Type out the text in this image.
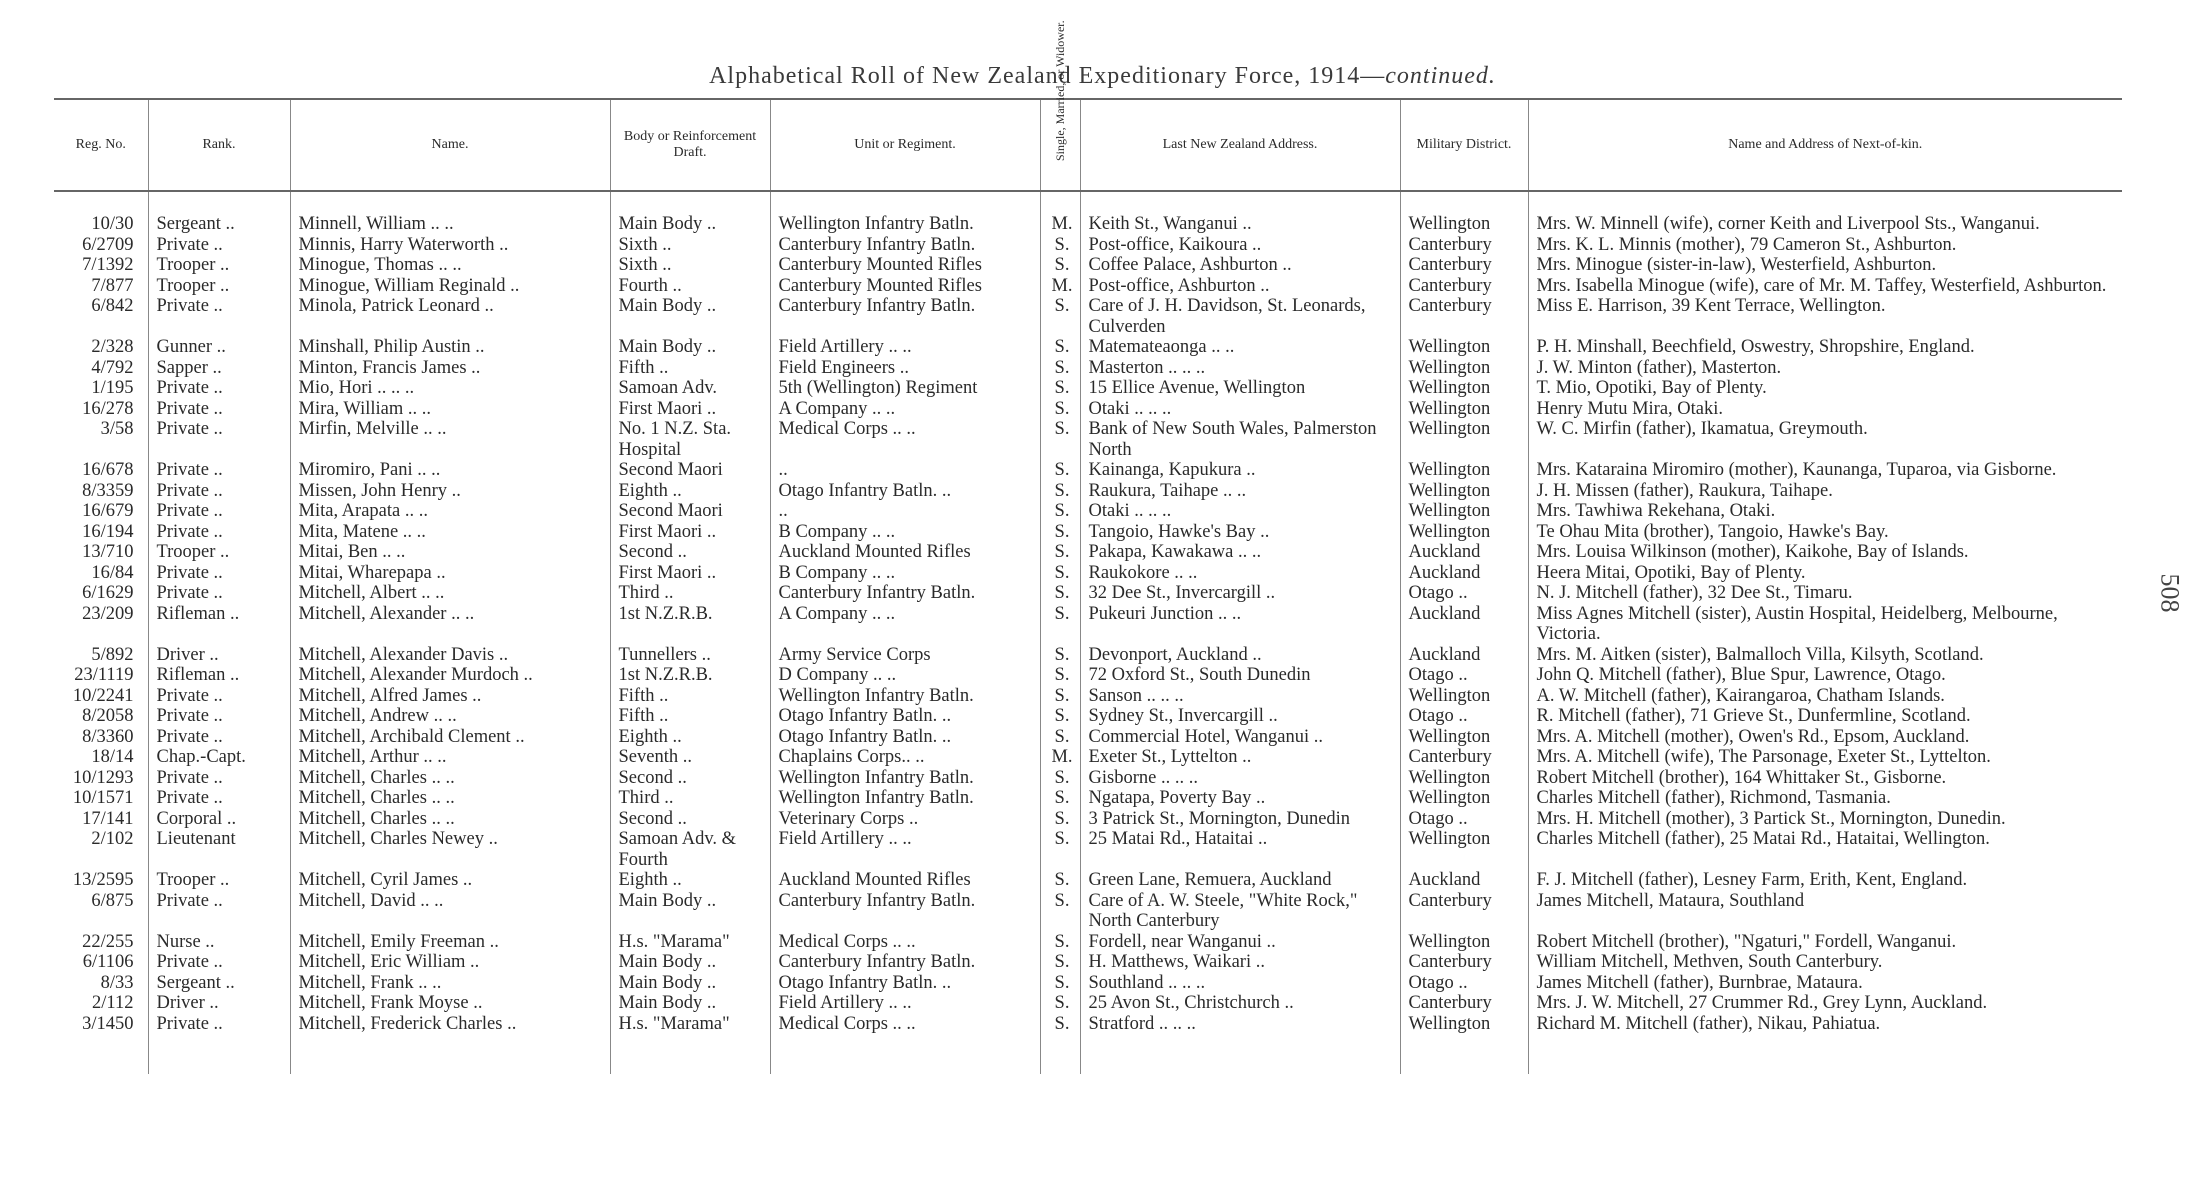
Alphabetical Roll of New Zealand Expeditionary Force, 1914—continued.
Reg. No.	Rank.	Name.	Body or Reinforcement Draft.	Unit or Regiment.	Single, Married, or Widower.	Last New Zealand Address.	Military District.	Name and Address of Next-of-kin.
10/30	Sergeant ..	Minnell, William .. ..	Main Body ..	Wellington Infantry Batln.	M.	Keith St., Wanganui ..	Wellington	Mrs. W. Minnell (wife), corner Keith and Liverpool Sts., Wanganui.
6/2709	Private ..	Minnis, Harry Waterworth ..	Sixth ..	Canterbury Infantry Batln.	S.	Post-office, Kaikoura ..	Canterbury	Mrs. K. L. Minnis (mother), 79 Cameron St., Ashburton.
7/1392	Trooper ..	Minogue, Thomas .. ..	Sixth ..	Canterbury Mounted Rifles	S.	Coffee Palace, Ashburton ..	Canterbury	Mrs. Minogue (sister-in-law), Westerfield, Ashburton.
7/877	Trooper ..	Minogue, William Reginald ..	Fourth ..	Canterbury Mounted Rifles	M.	Post-office, Ashburton ..	Canterbury	Mrs. Isabella Minogue (wife), care of Mr. M. Taffey, Westerfield, Ashburton.
6/842	Private ..	Minola, Patrick Leonard ..	Main Body ..	Canterbury Infantry Batln.	S.	Care of J. H. Davidson, St. Leonards, Culverden	Canterbury	Miss E. Harrison, 39 Kent Terrace, Wellington.
2/328	Gunner ..	Minshall, Philip Austin ..	Main Body ..	Field Artillery .. ..	S.	Matemateaonga .. ..	Wellington	P. H. Minshall, Beechfield, Oswestry, Shropshire, England.
4/792	Sapper ..	Minton, Francis James ..	Fifth ..	Field Engineers ..	S.	Masterton .. .. ..	Wellington	J. W. Minton (father), Masterton.
1/195	Private ..	Mio, Hori .. .. ..	Samoan Adv.	5th (Wellington) Regiment	S.	15 Ellice Avenue, Wellington	Wellington	T. Mio, Opotiki, Bay of Plenty.
16/278	Private ..	Mira, William .. ..	First Maori ..	A Company .. ..	S.	Otaki .. .. ..	Wellington	Henry Mutu Mira, Otaki.
3/58	Private ..	Mirfin, Melville .. ..	No. 1 N.Z. Sta. Hospital	Medical Corps .. ..	S.	Bank of New South Wales, Palmerston North	Wellington	W. C. Mirfin (father), Ikamatua, Greymouth.
16/678	Private ..	Miromiro, Pani .. ..	Second Maori	..	S.	Kainanga, Kapukura ..	Wellington	Mrs. Kataraina Miromiro (mother), Kaunanga, Tuparoa, via Gisborne.
8/3359	Private ..	Missen, John Henry ..	Eighth ..	Otago Infantry Batln. ..	S.	Raukura, Taihape .. ..	Wellington	J. H. Missen (father), Raukura, Taihape.
16/679	Private ..	Mita, Arapata .. ..	Second Maori	..	S.	Otaki .. .. ..	Wellington	Mrs. Tawhiwa Rekehana, Otaki.
16/194	Private ..	Mita, Matene .. ..	First Maori ..	B Company .. ..	S.	Tangoio, Hawke's Bay ..	Wellington	Te Ohau Mita (brother), Tangoio, Hawke's Bay.
13/710	Trooper ..	Mitai, Ben .. ..	Second ..	Auckland Mounted Rifles	S.	Pakapa, Kawakawa .. ..	Auckland	Mrs. Louisa Wilkinson (mother), Kaikohe, Bay of Islands.
16/84	Private ..	Mitai, Wharepapa ..	First Maori ..	B Company .. ..	S.	Raukokore .. ..	Auckland	Heera Mitai, Opotiki, Bay of Plenty.
6/1629	Private ..	Mitchell, Albert .. ..	Third ..	Canterbury Infantry Batln.	S.	32 Dee St., Invercargill ..	Otago ..	N. J. Mitchell (father), 32 Dee St., Timaru.
23/209	Rifleman ..	Mitchell, Alexander .. ..	1st N.Z.R.B.	A Company .. ..	S.	Pukeuri Junction .. ..	Auckland	Miss Agnes Mitchell (sister), Austin Hospital, Heidelberg, Melbourne, Victoria.
5/892	Driver ..	Mitchell, Alexander Davis ..	Tunnellers ..	Army Service Corps	S.	Devonport, Auckland ..	Auckland	Mrs. M. Aitken (sister), Balmalloch Villa, Kilsyth, Scotland.
23/1119	Rifleman ..	Mitchell, Alexander Murdoch ..	1st N.Z.R.B.	D Company .. ..	S.	72 Oxford St., South Dunedin	Otago ..	John Q. Mitchell (father), Blue Spur, Lawrence, Otago.
10/2241	Private ..	Mitchell, Alfred James ..	Fifth ..	Wellington Infantry Batln.	S.	Sanson .. .. ..	Wellington	A. W. Mitchell (father), Kairangaroa, Chatham Islands.
8/2058	Private ..	Mitchell, Andrew .. ..	Fifth ..	Otago Infantry Batln. ..	S.	Sydney St., Invercargill ..	Otago ..	R. Mitchell (father), 71 Grieve St., Dunfermline, Scotland.
8/3360	Private ..	Mitchell, Archibald Clement ..	Eighth ..	Otago Infantry Batln. ..	S.	Commercial Hotel, Wanganui ..	Wellington	Mrs. A. Mitchell (mother), Owen's Rd., Epsom, Auckland.
18/14	Chap.-Capt.	Mitchell, Arthur .. ..	Seventh ..	Chaplains Corps.. ..	M.	Exeter St., Lyttelton ..	Canterbury	Mrs. A. Mitchell (wife), The Parsonage, Exeter St., Lyttelton.
10/1293	Private ..	Mitchell, Charles .. ..	Second ..	Wellington Infantry Batln.	S.	Gisborne .. .. ..	Wellington	Robert Mitchell (brother), 164 Whittaker St., Gisborne.
10/1571	Private ..	Mitchell, Charles .. ..	Third ..	Wellington Infantry Batln.	S.	Ngatapa, Poverty Bay ..	Wellington	Charles Mitchell (father), Richmond, Tasmania.
17/141	Corporal ..	Mitchell, Charles .. ..	Second ..	Veterinary Corps ..	S.	3 Patrick St., Mornington, Dunedin	Otago ..	Mrs. H. Mitchell (mother), 3 Partick St., Mornington, Dunedin.
2/102	Lieutenant	Mitchell, Charles Newey ..	Samoan Adv. & Fourth	Field Artillery .. ..	S.	25 Matai Rd., Hataitai ..	Wellington	Charles Mitchell (father), 25 Matai Rd., Hataitai, Wellington.
13/2595	Trooper ..	Mitchell, Cyril James ..	Eighth ..	Auckland Mounted Rifles	S.	Green Lane, Remuera, Auckland	Auckland	F. J. Mitchell (father), Lesney Farm, Erith, Kent, England.
6/875	Private ..	Mitchell, David .. ..	Main Body ..	Canterbury Infantry Batln.	S.	Care of A. W. Steele, "White Rock," North Canterbury	Canterbury	James Mitchell, Mataura, Southland
22/255	Nurse ..	Mitchell, Emily Freeman ..	H.s. "Marama"	Medical Corps .. ..	S.	Fordell, near Wanganui ..	Wellington	Robert Mitchell (brother), "Ngaturi," Fordell, Wanganui.
6/1106	Private ..	Mitchell, Eric William ..	Main Body ..	Canterbury Infantry Batln.	S.	H. Matthews, Waikari ..	Canterbury	William Mitchell, Methven, South Canterbury.
8/33	Sergeant ..	Mitchell, Frank .. ..	Main Body ..	Otago Infantry Batln. ..	S.	Southland .. .. ..	Otago ..	James Mitchell (father), Burnbrae, Mataura.
2/112	Driver ..	Mitchell, Frank Moyse ..	Main Body ..	Field Artillery .. ..	S.	25 Avon St., Christchurch ..	Canterbury	Mrs. J. W. Mitchell, 27 Crummer Rd., Grey Lynn, Auckland.
3/1450	Private ..	Mitchell, Frederick Charles ..	H.s. "Marama"	Medical Corps .. ..	S.	Stratford .. .. ..	Wellington	Richard M. Mitchell (father), Nikau, Pahiatua.
508
